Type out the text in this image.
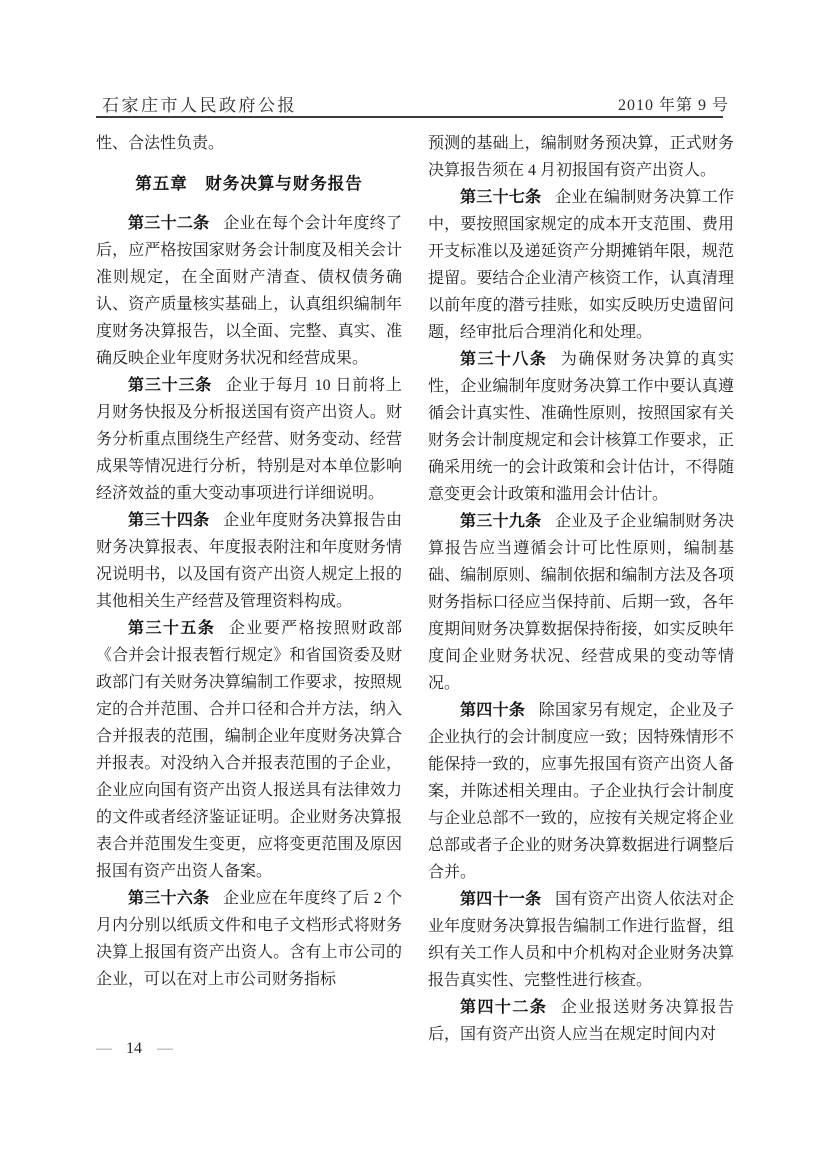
石家庄市人民政府公报	2010 年第 9 号

性、合法性负责。

第五章　财务决算与财务报告

第三十二条 企业在每个会计年度终了后，应严格按国家财务会计制度及相关会计准则规定，在全面财产清查、债权债务确认、资产质量核实基础上，认真组织编制年度财务决算报告，以全面、完整、真实、准确反映企业年度财务状况和经营成果。

第三十三条 企业于每月 10 日前将上月财务快报及分析报送国有资产出资人。财务分析重点围绕生产经营、财务变动、经营成果等情况进行分析，特别是对本单位影响经济效益的重大变动事项进行详细说明。

第三十四条 企业年度财务决算报告由财务决算报表、年度报表附注和年度财务情况说明书，以及国有资产出资人规定上报的其他相关生产经营及管理资料构成。

第三十五条 企业要严格按照财政部《合并会计报表暂行规定》和省国资委及财政部门有关财务决算编制工作要求，按照规定的合并范围、合并口径和合并方法，纳入合并报表的范围，编制企业年度财务决算合并报表。对没纳入合并报表范围的子企业，企业应向国有资产出资人报送具有法律效力的文件或者经济鉴证证明。企业财务决算报表合并范围发生变更，应将变更范围及原因报国有资产出资人备案。

第三十六条 企业应在年度终了后 2 个月内分别以纸质文件和电子文档形式将财务决算上报国有资产出资人。含有上市公司的企业，可以在对上市公司财务指标

预测的基础上，编制财务预决算，正式财务决算报告须在 4 月初报国有资产出资人。

第三十七条 企业在编制财务决算工作中，要按照国家规定的成本开支范围、费用开支标准以及递延资产分期摊销年限，规范提留。要结合企业清产核资工作，认真清理以前年度的潜亏挂账，如实反映历史遗留问题，经审批后合理消化和处理。

第三十八条 为确保财务决算的真实性，企业编制年度财务决算工作中要认真遵循会计真实性、准确性原则，按照国家有关财务会计制度规定和会计核算工作要求，正确采用统一的会计政策和会计估计，不得随意变更会计政策和滥用会计估计。

第三十九条 企业及子企业编制财务决算报告应当遵循会计可比性原则，编制基础、编制原则、编制依据和编制方法及各项财务指标口径应当保持前、后期一致，各年度期间财务决算数据保持衔接，如实反映年度间企业财务状况、经营成果的变动等情况。

第四十条 除国家另有规定，企业及子企业执行的会计制度应一致；因特殊情形不能保持一致的，应事先报国有资产出资人备案，并陈述相关理由。子企业执行会计制度与企业总部不一致的，应按有关规定将企业总部或者子企业的财务决算数据进行调整后合并。

第四十一条 国有资产出资人依法对企业年度财务决算报告编制工作进行监督，组织有关工作人员和中介机构对企业财务决算报告真实性、完整性进行核查。

第四十二条 企业报送财务决算报告后，国有资产出资人应当在规定时间内对

— 14 —
